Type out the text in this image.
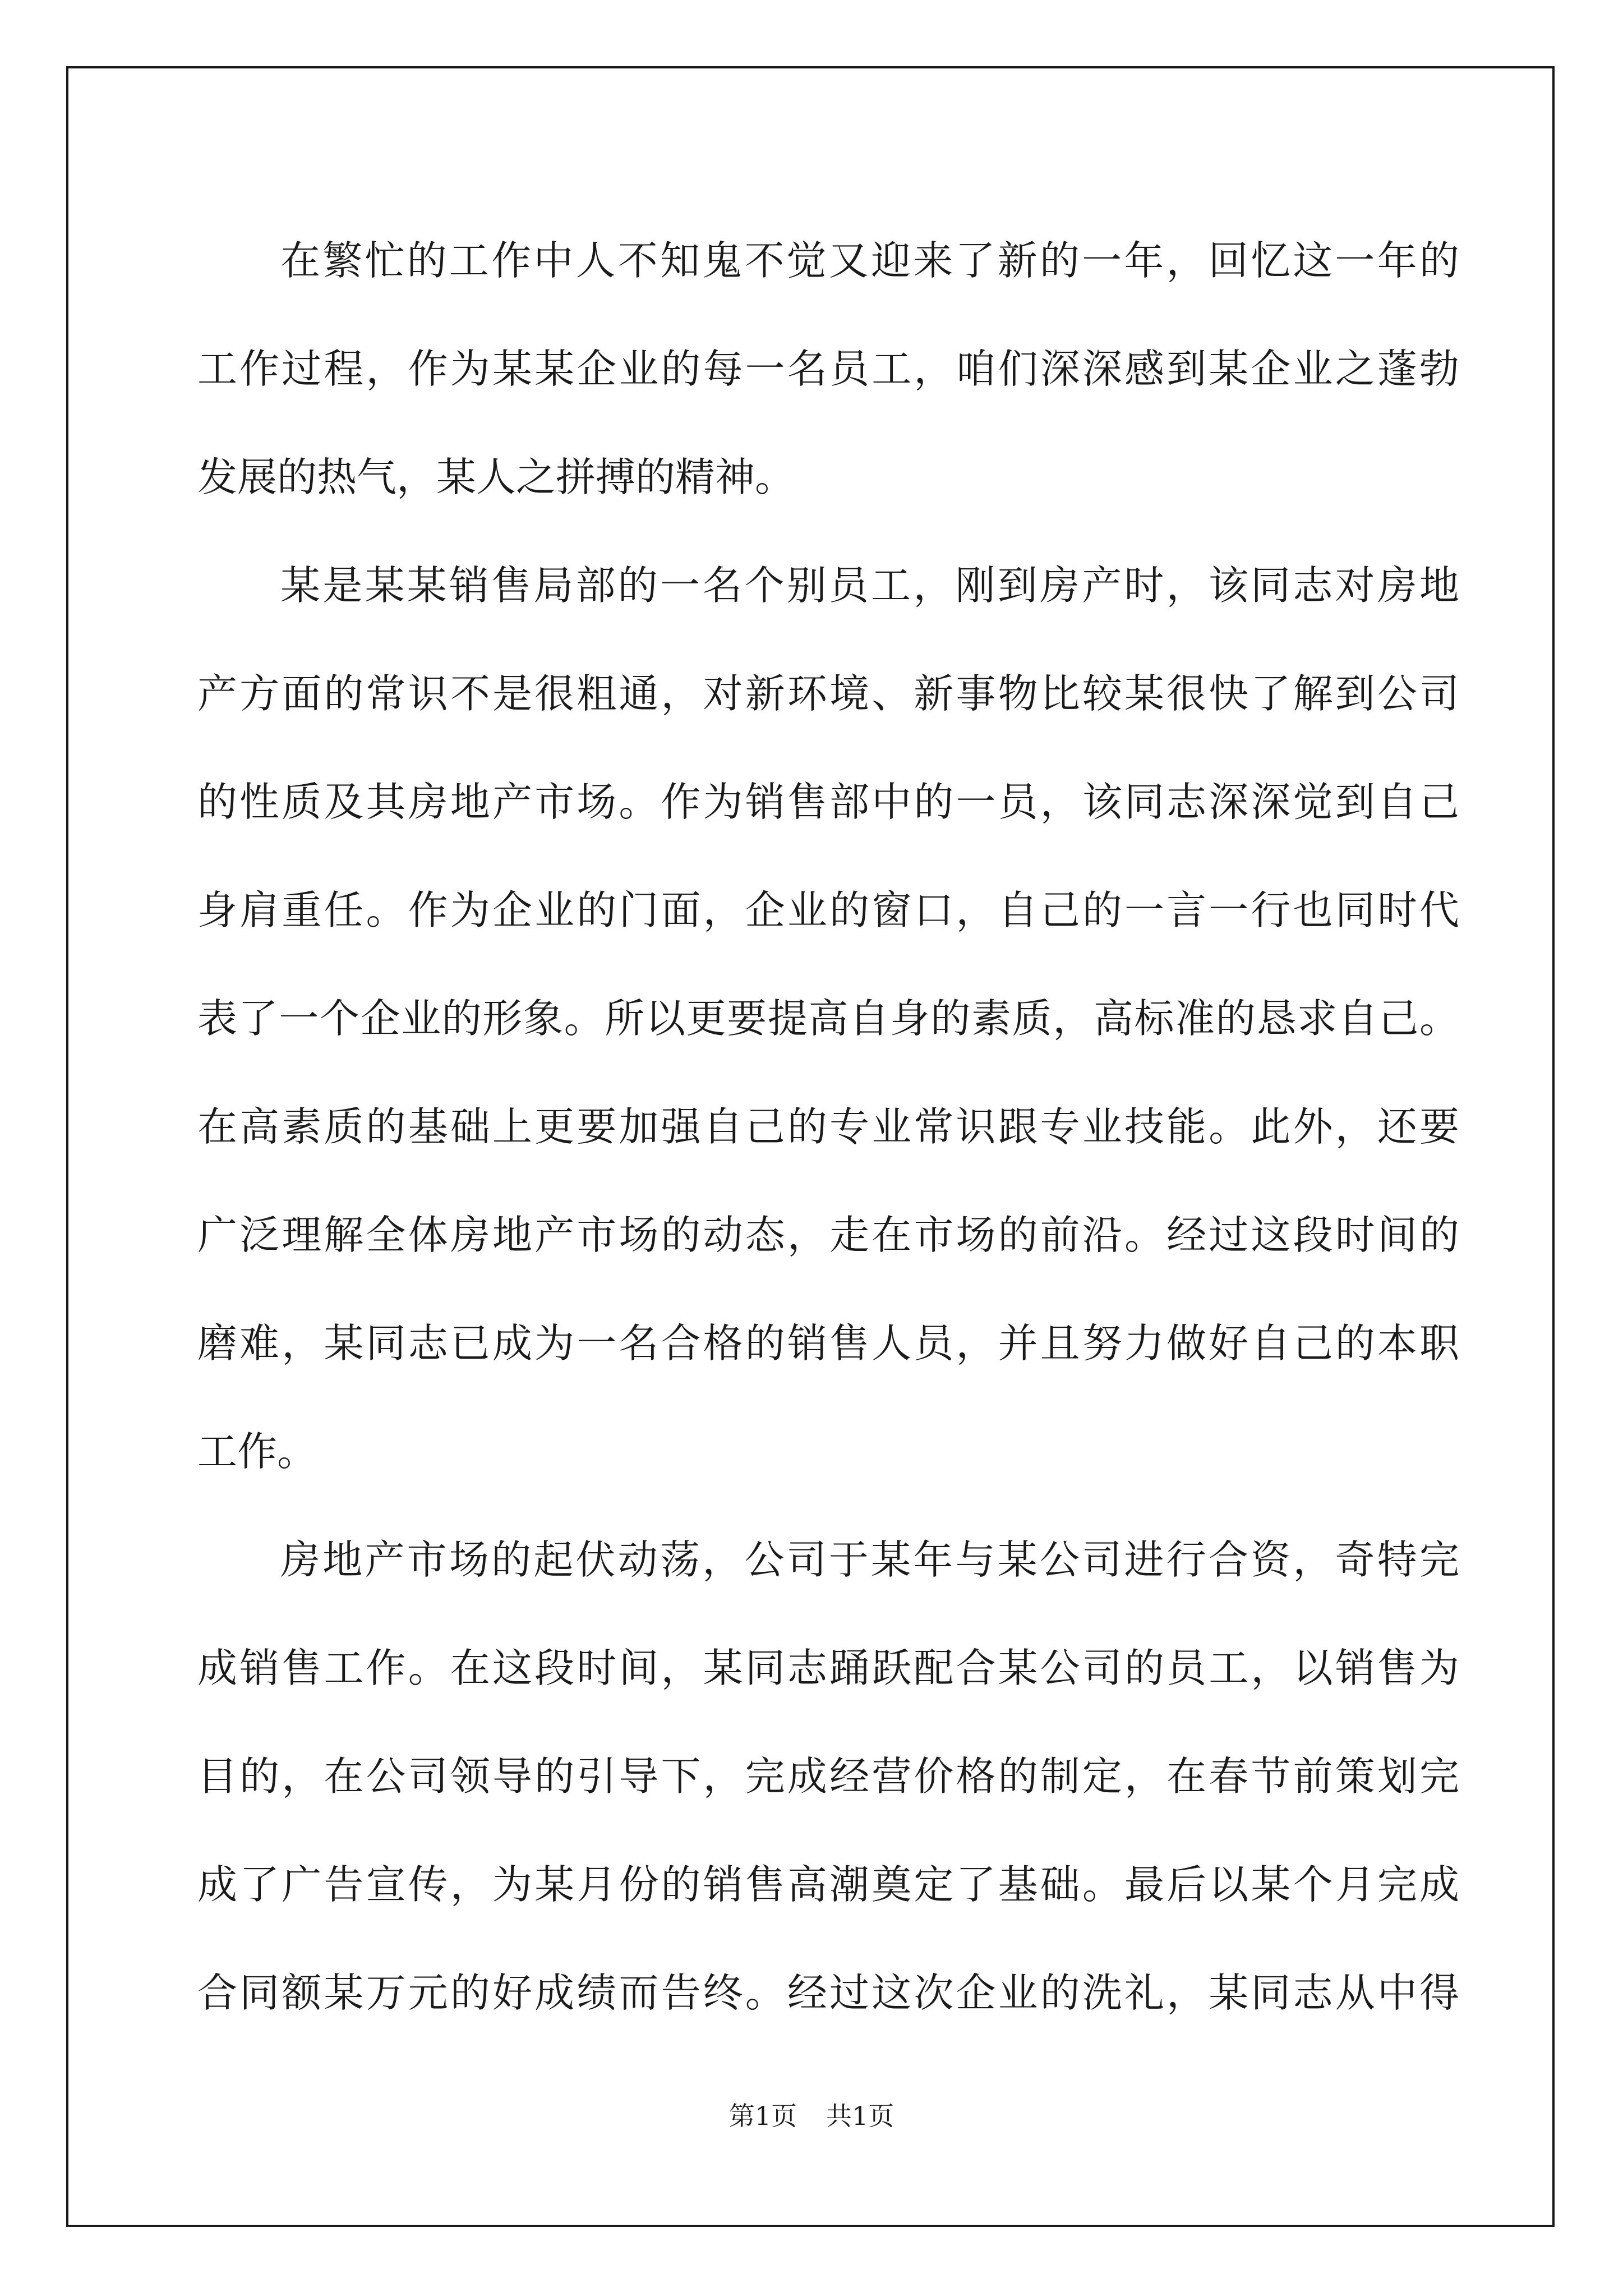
在繁忙的工作中人不知鬼不觉又迎来了新的一年，回忆这一年的
工作过程，作为某某企业的每一名员工，咱们深深感到某企业之蓬勃
发展的热气，某人之拼搏的精神。
某是某某销售局部的一名个别员工，刚到房产时，该同志对房地
产方面的常识不是很粗通，对新环境、新事物比较某很快了解到公司
的性质及其房地产市场。作为销售部中的一员，该同志深深觉到自己
身肩重任。作为企业的门面，企业的窗口，自己的一言一行也同时代
表了一个企业的形象。所以更要提高自身的素质，高标准的恳求自己。
在高素质的基础上更要加强自己的专业常识跟专业技能。此外，还要
广泛理解全体房地产市场的动态，走在市场的前沿。经过这段时间的
磨难，某同志已成为一名合格的销售人员，并且努力做好自己的本职
工作。
房地产市场的起伏动荡，公司于某年与某公司进行合资，奇特完
成销售工作。在这段时间，某同志踊跃配合某公司的员工，以销售为
目的，在公司领导的引导下，完成经营价格的制定，在春节前策划完
成了广告宣传，为某月份的销售高潮奠定了基础。最后以某个月完成
合同额某万元的好成绩而告终。经过这次企业的洗礼，某同志从中得
第1页 共1页
